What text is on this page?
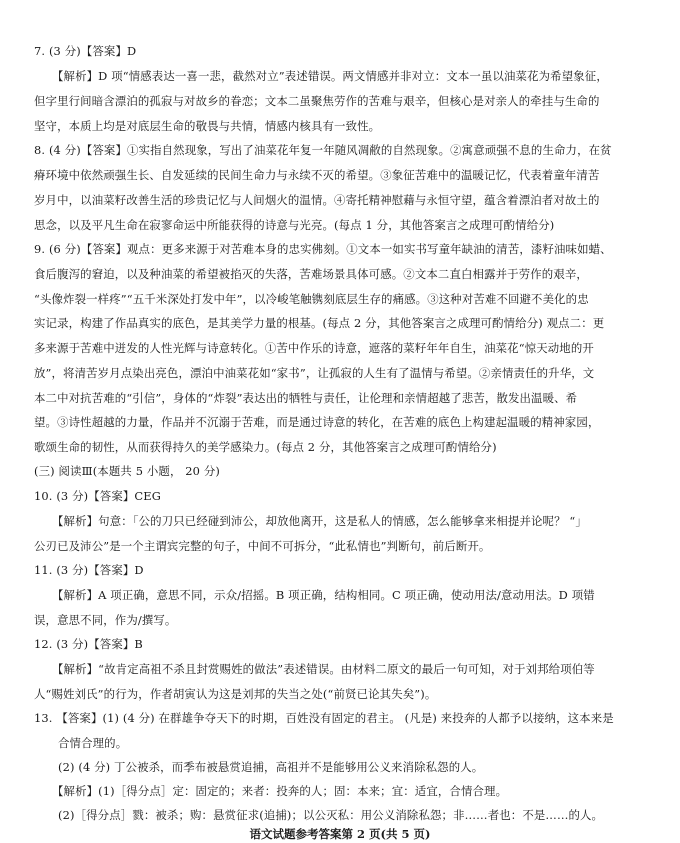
7. (3 分)【答案】D
【解析】D 项“情感表达一喜一悲，截然对立”表述错误。两文情感并非对立：文本一虽以油菜花为希望象征，
但字里行间暗含漂泊的孤寂与对故乡的眷恋；文本二虽聚焦劳作的苦难与艰辛，但核心是对亲人的牵挂与生命的
坚守，本质上均是对底层生命的敬畏与共情，情感内核具有一致性。
8. (4 分)【答案】①实指自然现象，写出了油菜花年复一年随风凋敝的自然现象。②寓意顽强不息的生命力，在贫
瘠环境中依然顽强生长、自发延续的民间生命力与永续不灭的希望。③象征苦难中的温暖记忆，代表着童年清苦
岁月中，以油菜籽改善生活的珍贵记忆与人间烟火的温情。④寄托精神慰藉与永恒守望，蕴含着漂泊者对故土的
思念，以及平凡生命在寂寥命运中所能获得的诗意与光亮。(每点 1 分，其他答案言之成理可酌情给分)
9. (6 分)【答案】观点：更多来源于对苦难本身的忠实佛刻。①文本一如实书写童年缺油的清苦，漆籽油味如蜡、
食后腹泻的窘迫，以及种油菜的希望被掐灭的失落，苦难场景具体可感。②文本二直白相露并于劳作的艰辛，
“头像炸裂一样疼”“五千米深处打发中年”，以冷峻笔触镌刻底层生存的痛感。③这种对苦难不回避不美化的忠
实记录，构建了作品真实的底色，是其美学力量的根基。(每点 2 分，其他答案言之成理可酌情给分) 观点二：更
多来源于苦难中迸发的人性光辉与诗意转化。①苦中作乐的诗意，遮落的菜籽年年自生，油菜花“惊天动地的开
放”，将清苦岁月点染出亮色，漂泊中油菜花如“家书”，让孤寂的人生有了温情与希望。②亲情责任的升华，文
本二中对抗苦难的“引信”，身体的“炸裂”表达出的牺牲与责任，让伦理和亲情超越了悲苦，散发出温暖、希
望。③诗性超越的力量，作品并不沉溺于苦难，而是通过诗意的转化，在苦难的底色上构建起温暖的精神家园，
歌颂生命的韧性，从而获得持久的美学感染力。(每点 2 分，其他答案言之成理可酌情给分)
(三) 阅读Ⅲ(本题共 5 小题， 20 分)
10. (3 分)【答案】CEG
【解析】句意：「公的刀只已经碰到沛公，却放他离开，这是私人的情感，怎么能够拿来相提并论呢？ “」
公刃已及沛公”是一个主谓宾完整的句子，中间不可拆分，“此私情也”判断句，前后断开。
11. (3 分)【答案】D
【解析】A 项正确，意思不同，示众/招摇。B 项正确，结构相同。C 项正确，使动用法/意动用法。D 项错
误，意思不同，作为/撰写。
12. (3 分)【答案】B
【解析】“故肯定高祖不杀且封赏赐姓的做法”表述错误。由材料二原文的最后一句可知，对于刘邦给项伯等
人“赐姓刘氏”的行为，作者胡寅认为这是刘邦的失当之处(“前贤已论其失矣”)。
13. 【答案】(1) (4 分) 在群雄争夺天下的时期，百姓没有固定的君主。 (凡是) 来投奔的人都予以接纳，这本来是
合情合理的。
(2) (4 分) 丁公被杀，而季布被悬赏追捕，高祖并不是能够用公义来消除私怨的人。
【解析】(1)［得分点］定：固定的；来者：投奔的人；固：本来；宜：适宜，合情合理。
(2)［得分点］戮：被杀；购：悬赏征求(追捕)；以公灭私：用公义消除私怨；非……者也：不是……的人。
语文试题参考答案第 2 页(共 5 页)
